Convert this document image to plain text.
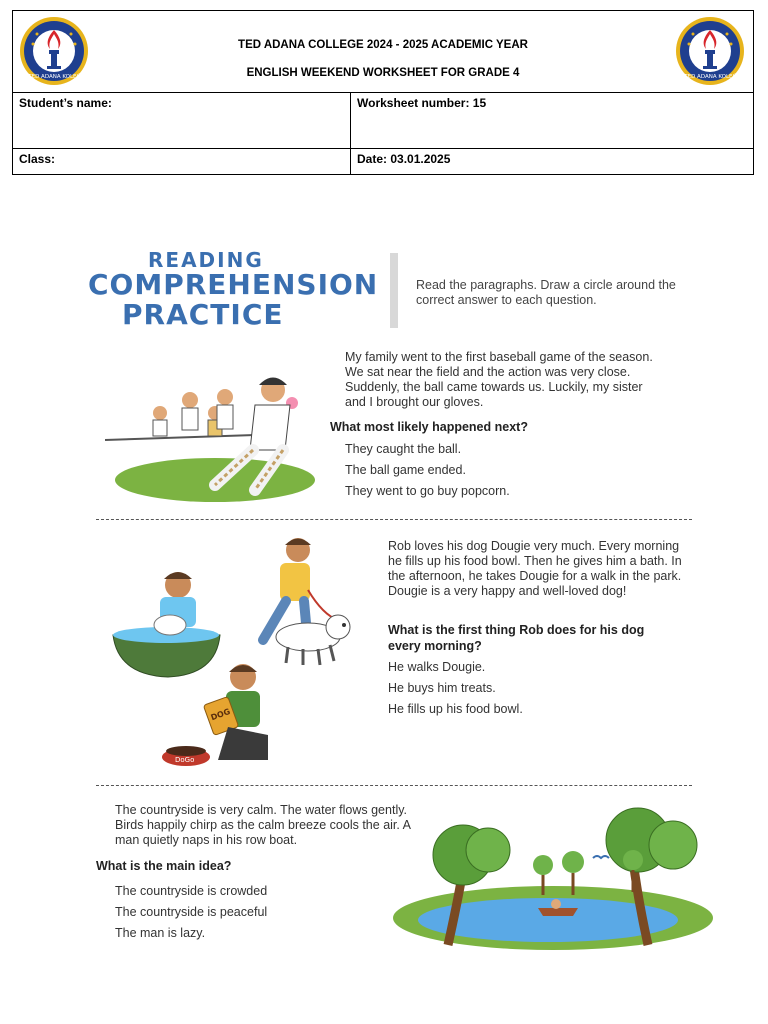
TED ADANA KOLEJİ
TED ADANA COLLEGE 2024 - 2025 ACADEMIC YEAR
ENGLISH WEEKEND WORKSHEET FOR GRADE 4	TED ADANA KOLEJİ
Student’s name:	Worksheet number: 15
Class:	Date: 03.01.2025
READING
COMPREHENSION
PRACTICE
Read the paragraphs. Draw a circle around the correct answer to each question.
My family went to the first baseball game of the season. We sat near the field and the action was very close. Suddenly, the ball came towards us. Luckily, my sister and I brought our gloves.
What most likely happened next?
They caught the ball.
The ball game ended.
They went to go buy popcorn.
DOG
DoGo
Rob loves his dog Dougie very much. Every morning he fills up his food bowl. Then he gives him a bath. In the afternoon, he takes Dougie for a walk in the park. Dougie is a very happy and well-loved dog!
What is the first thing Rob does for his dog every morning?
He walks Dougie.
He buys him treats.
He fills up his food bowl.
The countryside is very calm. The water flows gently. Birds happily chirp as the calm breeze cools the air. A man quietly naps in his row boat.
What is the main idea?
The countryside is crowded
The countryside is peaceful
The man is lazy.
